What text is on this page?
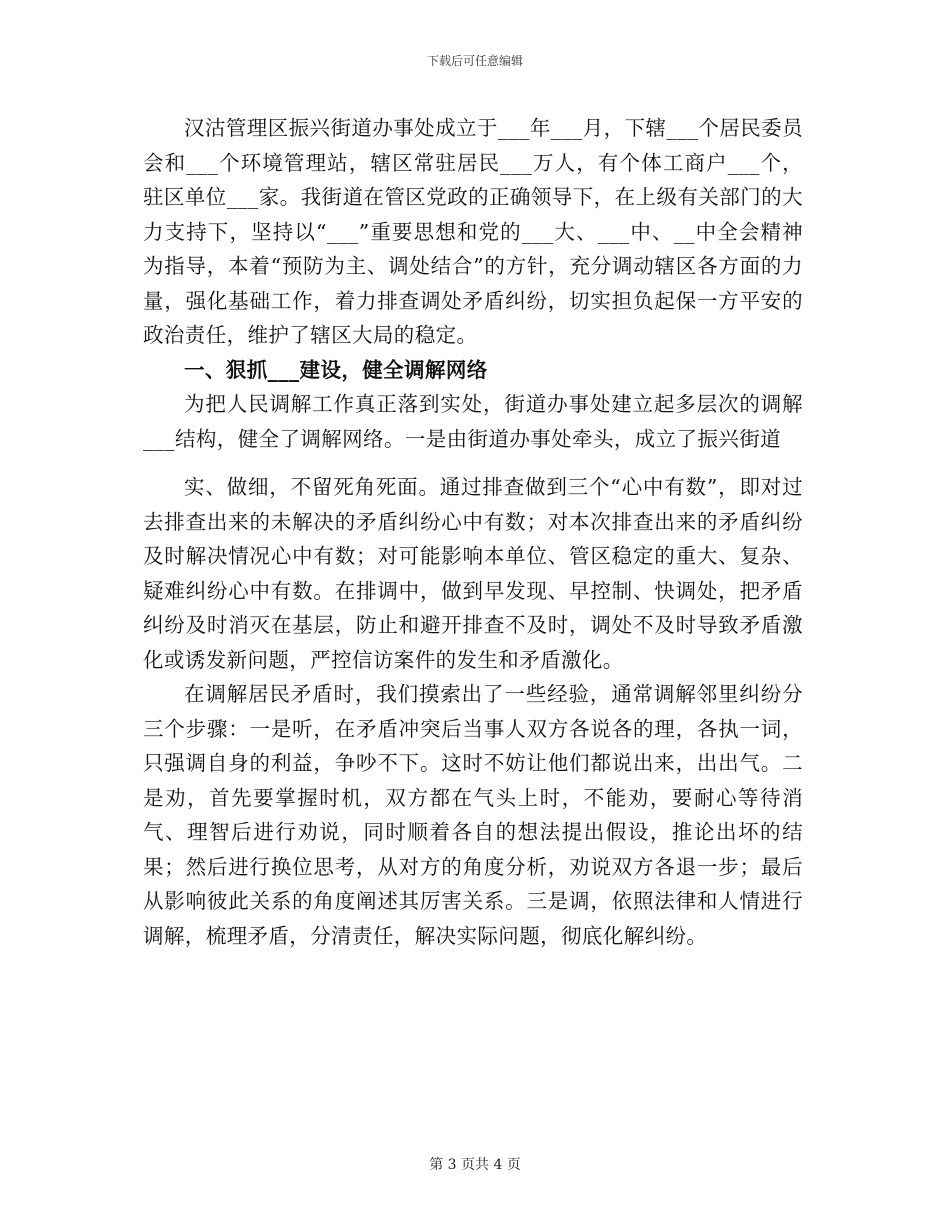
下载后可任意编辑

汉沽管理区振兴街道办事处成立于___年___月，下辖___个居民委员会和___个环境管理站，辖区常驻居民___万人，有个体工商户___个，驻区单位___家。我街道在管区党政的正确领导下，在上级有关部门的大力支持下，坚持以“___”重要思想和党的___大、___中、__中全会精神为指导，本着“预防为主、调处结合”的方针，充分调动辖区各方面的力量，强化基础工作，着力排查调处矛盾纠纷，切实担负起保一方平安的政治责任，维护了辖区大局的稳定。

一、狠抓___建设，健全调解网络

为把人民调解工作真正落到实处，街道办事处建立起多层次的调解___结构，健全了调解网络。一是由街道办事处牵头，成立了振兴街道

实、做细，不留死角死面。通过排查做到三个“心中有数”，即对过去排查出来的未解决的矛盾纠纷心中有数；对本次排查出来的矛盾纠纷及时解决情况心中有数；对可能影响本单位、管区稳定的重大、复杂、疑难纠纷心中有数。在排调中，做到早发现、早控制、快调处，把矛盾纠纷及时消灭在基层，防止和避开排查不及时，调处不及时导致矛盾激化或诱发新问题，严控信访案件的发生和矛盾激化。

在调解居民矛盾时，我们摸索出了一些经验，通常调解邻里纠纷分三个步骤：一是听，在矛盾冲突后当事人双方各说各的理，各执一词，只强调自身的利益，争吵不下。这时不妨让他们都说出来，出出气。二是劝，首先要掌握时机，双方都在气头上时，不能劝，要耐心等待消气、理智后进行劝说，同时顺着各自的想法提出假设，推论出坏的结果；然后进行换位思考，从对方的角度分析，劝说双方各退一步；最后从影响彼此关系的角度阐述其厉害关系。三是调，依照法律和人情进行调解，梳理矛盾，分清责任，解决实际问题，彻底化解纠纷。

第 3 页共 4 页
